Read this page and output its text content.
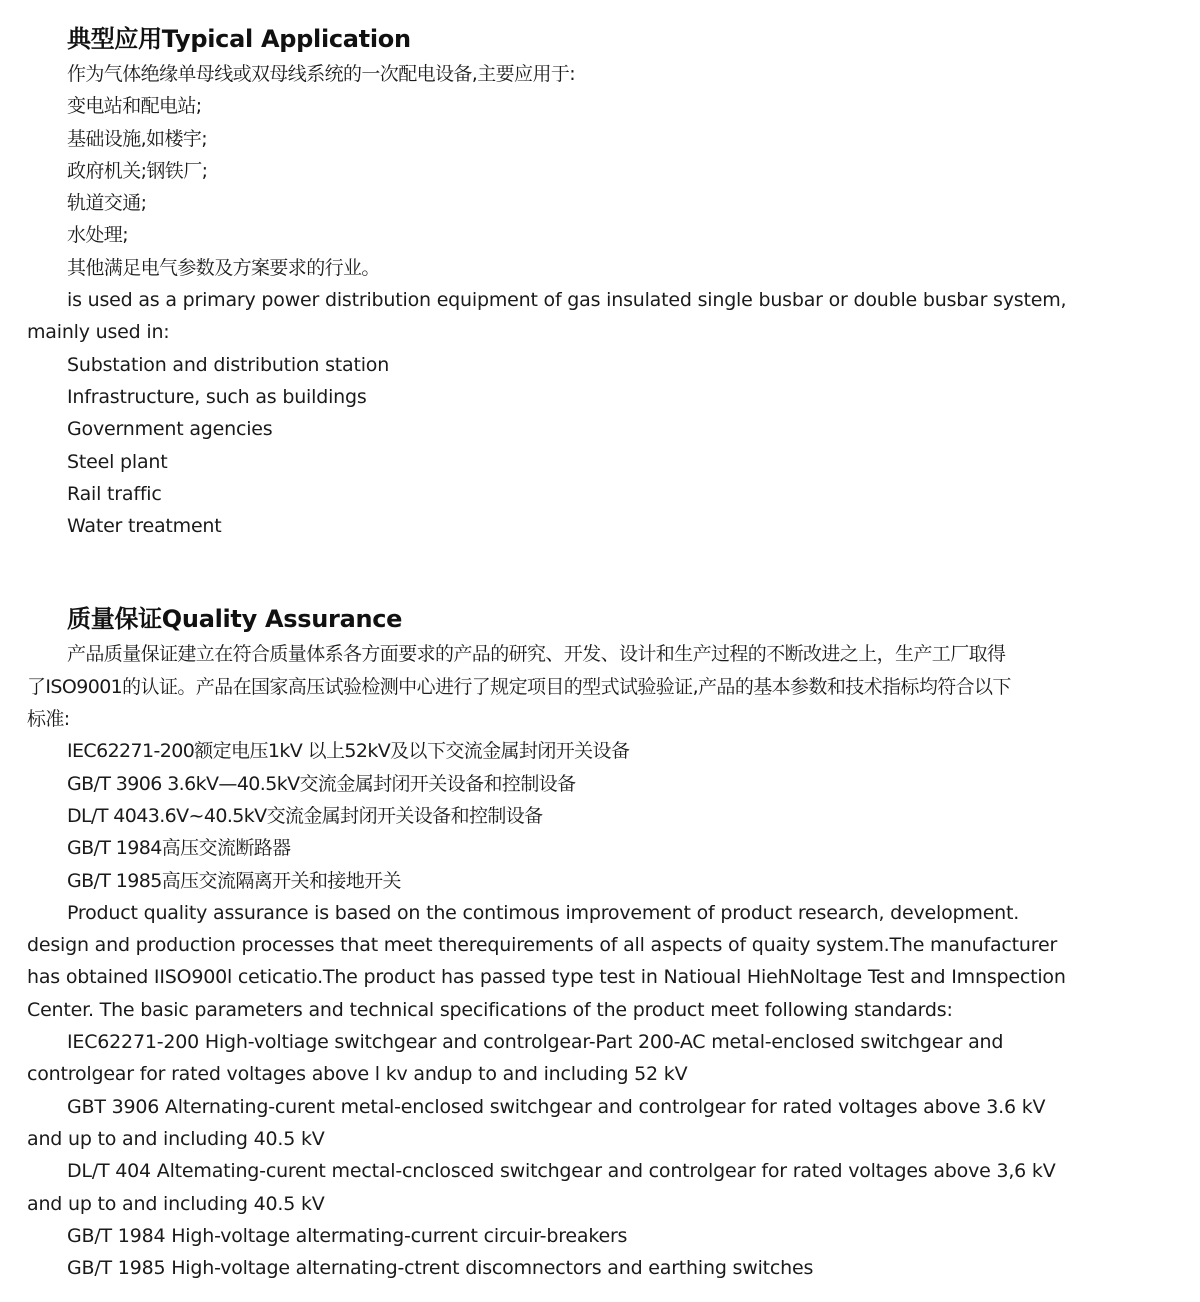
典型应用Typical Application

作为气体绝缘单母线或双母线系统的一次配电设备,主要应用于:

变电站和配电站;

基础设施,如楼宇;

政府机关;钢铁厂;

轨道交通;

水处理;

其他满足电气参数及方案要求的行业。

is used as a primary power distribution equipment of gas insulated single busbar or double busbar system,

mainly used in:

Substation and distribution station

Infrastructure, such as buildings

Government agencies

Steel plant

Rail traffic

Water treatment

质量保证Quality Assurance

产品质量保证建立在符合质量体系各方面要求的产品的研究、开发、设计和生产过程的不断改进之上，生产工厂取得

了ISO9001的认证。产品在国家高压试验检测中心进行了规定项目的型式试验验证,产品的基本参数和技术指标均符合以下

标准:

IEC62271-200额定电压1kV 以上52kV及以下交流金属封闭开关设备

GB/T 3906 3.6kV—40.5kV交流金属封闭开关设备和控制设备

DL/T 4043.6V~40.5kV交流金属封闭开关设备和控制设备

GB/T 1984高压交流断路器

GB/T 1985高压交流隔离开关和接地开关

Product quality assurance is based on the contimous improvement of product research, development.

design and production processes that meet therequirements of all aspects of quaity system.The manufacturer

has obtained IISO900l ceticatio.The product has passed type test in Natioual HiehNoltage Test and Imnspection

Center. The basic parameters and technical specifications of the product meet following standards:

IEC62271-200 High-voltiage switchgear and controlgear-Part 200-AC metal-enclosed switchgear and

controlgear for rated voltages above l kv andup to and including 52 kV

GBT 3906 Alternating-curent metal-enclosed switchgear and controlgear for rated voltages above 3.6 kV

and up to and including 40.5 kV

DL/T 404 Altemating-curent mectal-cnclosced switchgear and controlgear for rated voltages above 3,6 kV

and up to and including 40.5 kV

GB/T 1984 High-voltage altermating-current circuir-breakers

GB/T 1985 High-voltage alternating-ctrent discomnectors and earthing switches
